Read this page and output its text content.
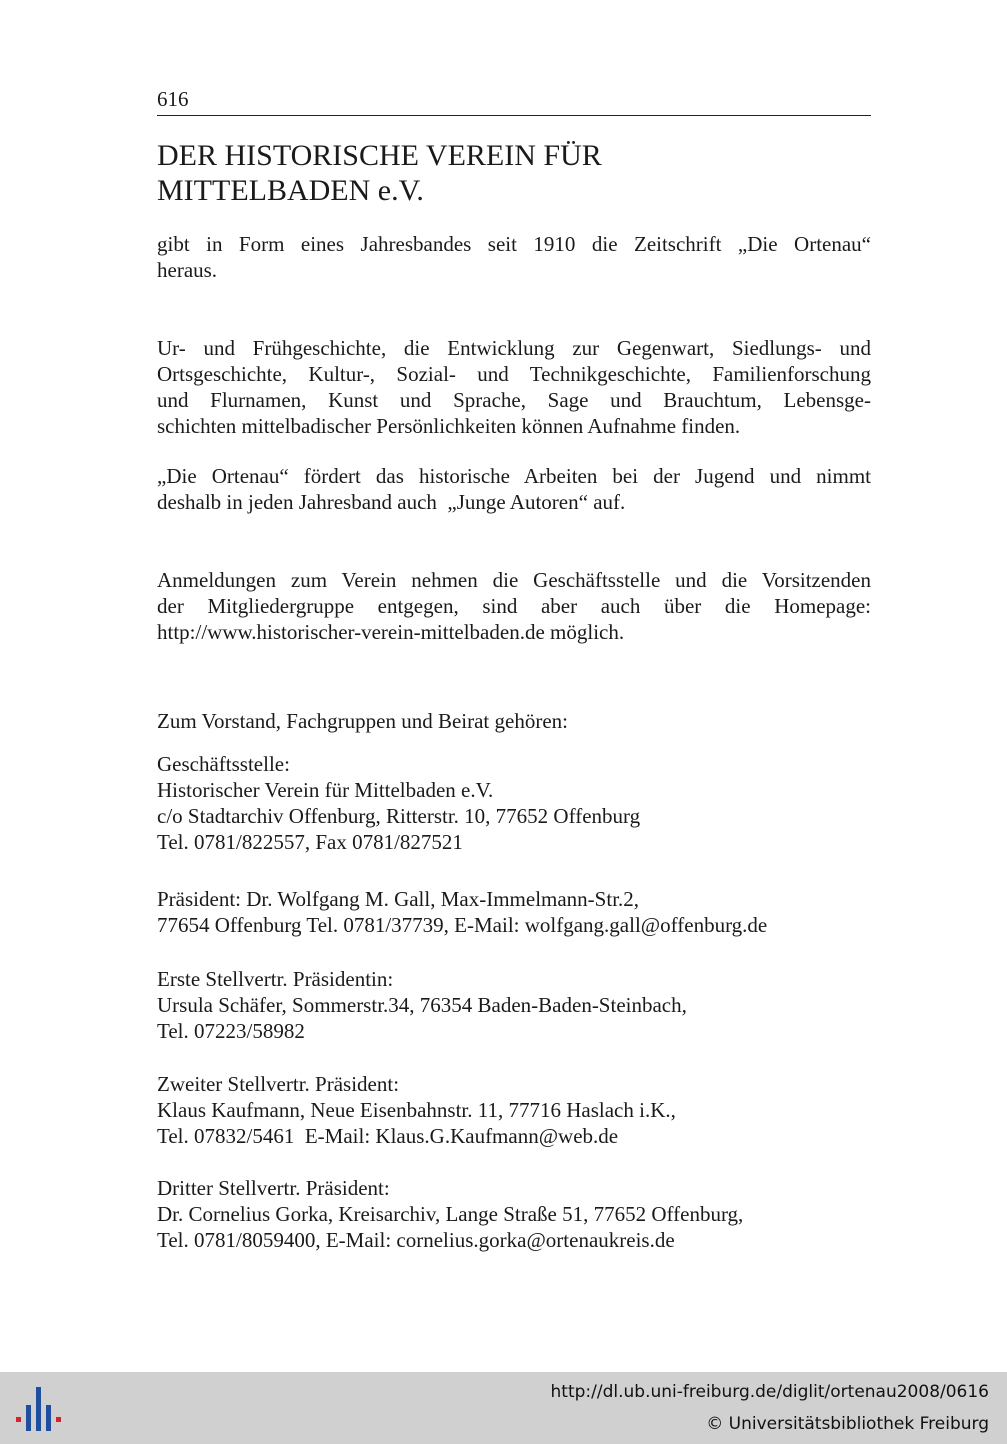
616
DER HISTORISCHE VEREIN FÜR
MITTELBADEN e.V.

gibt in Form eines Jahresbandes seit 1910 die Zeitschrift „Die Ortenau“
heraus.

Ur- und Frühgeschichte, die Entwicklung zur Gegenwart, Siedlungs- und
Ortsgeschichte, Kultur-, Sozial- und Technikgeschichte, Familienforschung
und Flurnamen, Kunst und Sprache, Sage und Brauchtum, Lebensge-
schichten mittelbadischer Persönlichkeiten können Aufnahme finden.

„Die Ortenau“ fördert das historische Arbeiten bei der Jugend und nimmt
deshalb in jeden Jahresband auch  „Junge Autoren“ auf.

Anmeldungen zum Verein nehmen die Geschäftsstelle und die Vorsitzenden
der Mitgliedergruppe entgegen, sind aber auch über die Homepage:
http://www.historischer-verein-mittelbaden.de möglich.

Zum Vorstand, Fachgruppen und Beirat gehören:
Geschäftsstelle:
Historischer Verein für Mittelbaden e.V.
c/o Stadtarchiv Offenburg, Ritterstr. 10, 77652 Offenburg
Tel. 0781/822557, Fax 0781/827521
Präsident: Dr. Wolfgang M. Gall, Max-Immelmann-Str.2,
77654 Offenburg Tel. 0781/37739, E-Mail: wolfgang.gall@offenburg.de
Erste Stellvertr. Präsidentin:
Ursula Schäfer, Sommerstr.34, 76354 Baden-Baden-Steinbach,
Tel. 07223/58982
Zweiter Stellvertr. Präsident:
Klaus Kaufmann, Neue Eisenbahnstr. 11, 77716 Haslach i.K.,
Tel. 07832/5461  E-Mail: Klaus.G.Kaufmann@web.de
Dritter Stellvertr. Präsident:
Dr. Cornelius Gorka, Kreisarchiv, Lange Straße 51, 77652 Offenburg,
Tel. 0781/8059400, E-Mail: cornelius.gorka@ortenaukreis.de
http://dl.ub.uni-freiburg.de/diglit/ortenau2008/0616
© Universitätsbibliothek Freiburg
